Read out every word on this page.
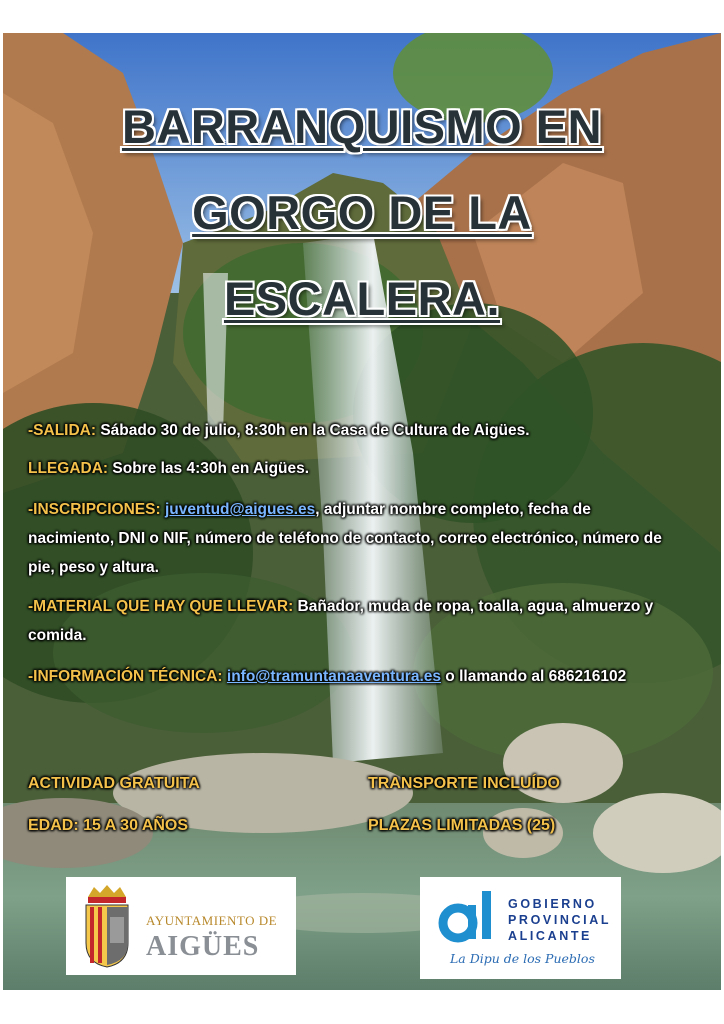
BARRANQUISMO EN
GORGO DE LA
ESCALERA.
-SALIDA: Sábado 30 de julio, 8:30h en la Casa de Cultura de Aigües.
LLEGADA: Sobre las 4:30h en Aigües.
-INSCRIPCIONES: juventud@aigues.es, adjuntar nombre completo, fecha de nacimiento, DNI o NIF, número de teléfono de contacto, correo electrónico, número de pie, peso y altura.
-MATERIAL QUE HAY QUE LLEVAR: Bañador, muda de ropa, toalla, agua, almuerzo y comida.
-INFORMACIÓN TÉCNICA: info@tramuntanaaventura.es o llamando al 686216102
ACTIVIDAD GRATUITA	TRANSPORTE INCLUÍDO
EDAD: 15 A 30 AÑOS	PLAZAS LIMITADAS (25)
AYUNTAMIENTO DE
AIGÜES
GOBIERNO
PROVINCIAL
ALICANTE
La Dipu de los Pueblos
